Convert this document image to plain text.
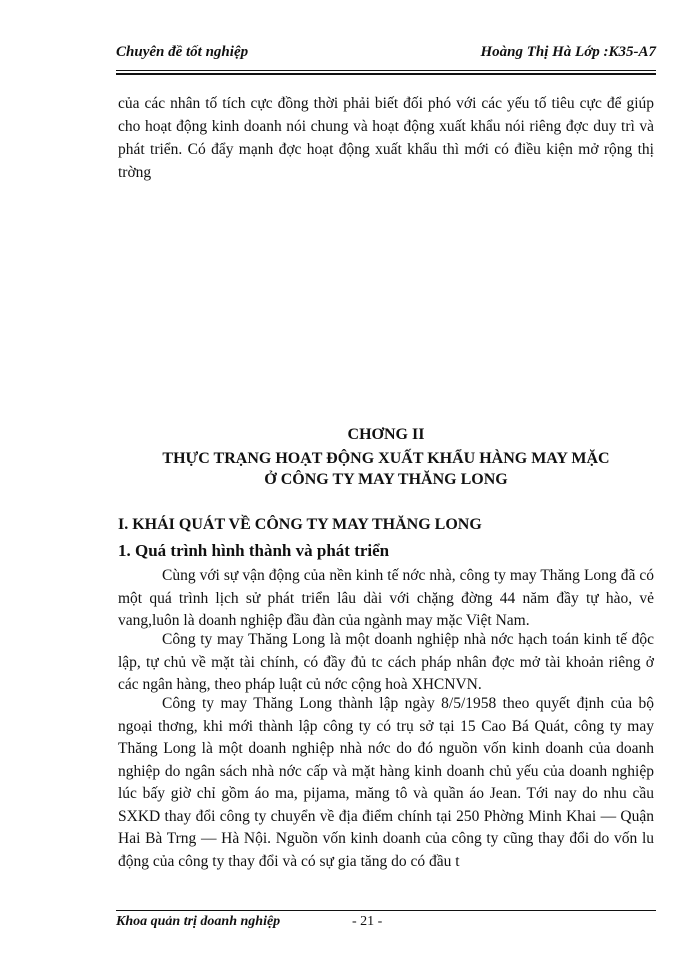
Chuyên đề tốt nghiệp	Hoàng Thị Hà Lớp :K35-A7
của các nhân tố tích cực đồng thời phải biết đối phó với các yếu tố tiêu cực để giúp cho hoạt động kinh doanh nói chung và hoạt động xuất khẩu nói riêng đợc duy trì và phát triển. Có đẩy mạnh đợc hoạt động xuất khẩu thì mới có điều kiện mở rộng thị trờng
CHƠNG II
THỰC TRẠNG HOẠT ĐỘNG XUẤT KHẨU HÀNG MAY MẶC
Ở CÔNG TY MAY THĂNG LONG
I. KHÁI QUÁT VỀ CÔNG TY MAY THĂNG LONG
1. Quá trình hình thành và phát triển
Cùng với sự vận động của nền kinh tế nớc nhà, công ty may Thăng Long đã có một quá trình lịch sử phát triển lâu dài với chặng đờng 44 năm đầy tự hào, vẻ vang,luôn là doanh nghiệp đầu đàn của ngành may mặc Việt Nam.
Công ty may Thăng Long là một doanh nghiệp nhà nớc hạch toán kinh tế độc lập, tự chủ về mặt tài chính, có đầy đủ tc cách pháp nhân đợc mở tài khoản riêng ở các ngân hàng, theo pháp luật củ nớc cộng hoà XHCNVN.
Công ty may Thăng Long thành lập ngày 8/5/1958 theo quyết định của bộ ngoại thơng, khi mới thành lập công ty có trụ sở tại 15 Cao Bá Quát, công ty may Thăng Long là một doanh nghiệp nhà nớc do đó nguồn vốn kinh doanh của doanh nghiệp do ngân sách nhà nớc cấp và mặt hàng kinh doanh chủ yếu của doanh nghiệp lúc bấy giờ chỉ gồm áo ma, pijama, măng tô và quần áo Jean. Tới nay do nhu cầu SXKD thay đổi công ty chuyển về địa điểm chính tại 250 Phờng Minh Khai — Quận Hai Bà Trng — Hà Nội. Nguồn vốn kinh doanh của công ty cũng thay đổi do vốn lu động của công ty thay đổi và có sự gia tăng do có đầu t
Khoa quản trị doanh nghiệp	- 21 -
